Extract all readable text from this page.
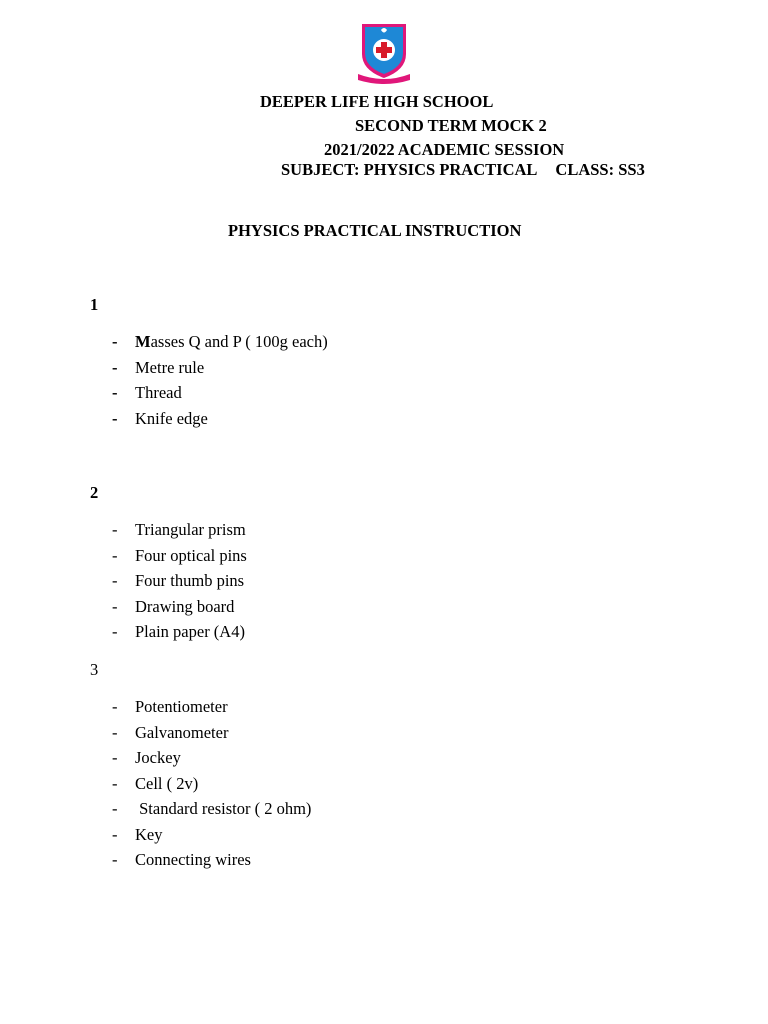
DEEPER LIFE HIGH SCHOOL
SECOND TERM MOCK 2
2021/2022 ACADEMIC SESSION
SUBJECT: PHYSICS PRACTICAL CLASS: SS3
PHYSICS PRACTICAL INSTRUCTION
1
- Masses Q and P ( 100g each)
- Metre rule
- Thread
- Knife edge
2
- Triangular prism
- Four optical pins
- Four thumb pins
- Drawing board
- Plain paper (A4)
3
- Potentiometer
- Galvanometer
- Jockey
- Cell ( 2v)
- Standard resistor ( 2 ohm)
- Key
- Connecting wires
